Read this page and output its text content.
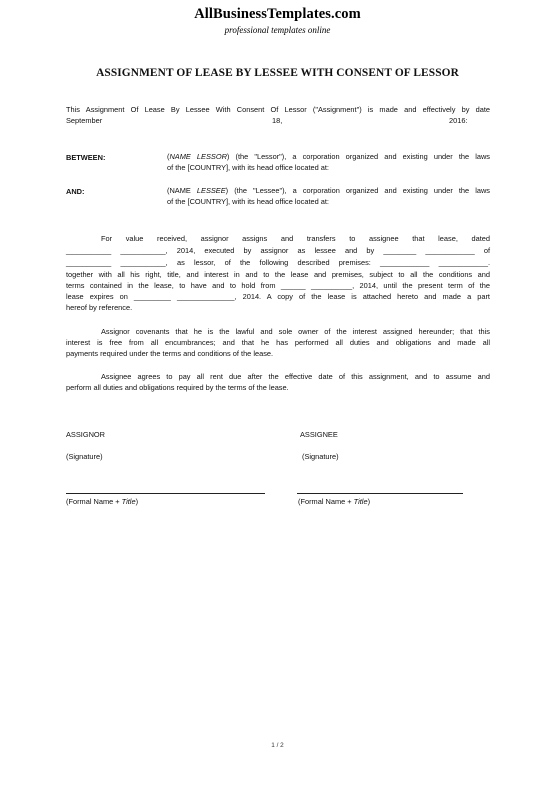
AllBusinessTemplates.com
professional templates online
ASSIGNMENT OF LEASE BY LESSEE WITH CONSENT OF LESSOR
This Assignment Of Lease By Lessee With Consent Of Lessor ("Assignment") is made and effectively by date
September	18,	2016:
BETWEEN:	(NAME LESSOR) (the "Lessor"), a corporation organized and existing under the laws
of the [COUNTRY], with its head office located at:
AND:	(NAME LESSEE) (the "Lessee"), a corporation organized and existing under the laws
of the [COUNTRY], with its head office located at:
For value received, assignor assigns and transfers to assignee that lease, dated
___________ ___________, 2014, executed by assignor as lessee and by ________ ____________ of
___________ ___________, as lessor, of the following described premises: ____________ ____________.
together with all his right, title, and interest in and to the lease and premises, subject to all the conditions and
terms contained in the lease, to have and to hold from ______ __________, 2014, until the present term of the
lease expires on _________ ______________, 2014. A copy of the lease is attached hereto and made a part
hereof by reference.
Assignor covenants that he is the lawful and sole owner of the interest assigned hereunder; that this
interest is free from all encumbrances; and that he has performed all duties and obligations and made all
payments required under the terms and conditions of the lease.
Assignee agrees to pay all rent due after the effective date of this assignment, and to assume and
perform all duties and obligations required by the terms of the lease.
ASSIGNOR	ASSIGNEE
(Signature)	(Signature)
(Formal Name + Title)	(Formal Name + Title)
1 / 2
